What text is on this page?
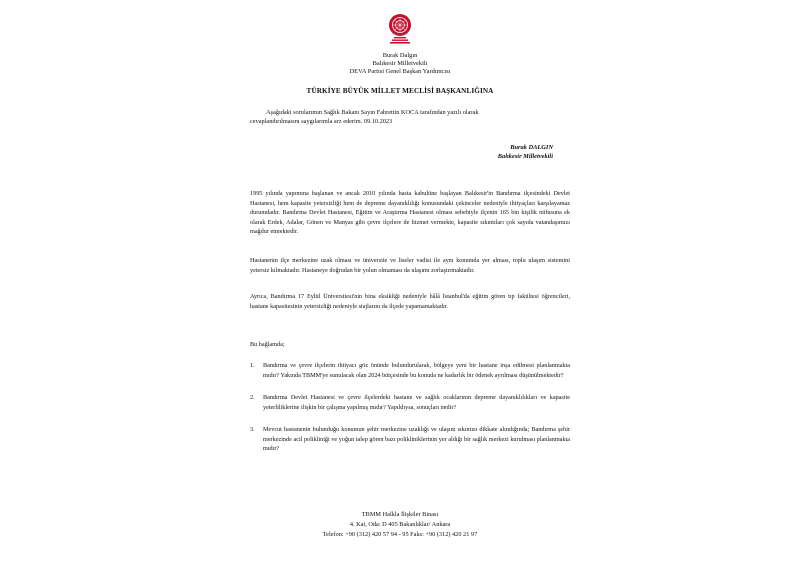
Burak Dalgın
Balıkesir Milletvekili
DEVA Partisi Genel Başkan Yardımcısı
TÜRKİYE BÜYÜK MİLLET MECLİSİ BAŞKANLIĞINA
Aşağıdaki sorularımın Sağlık Bakanı Sayın Fahrettin KOCA tarafından yazılı olarak
cevaplandırılmasını saygılarımla arz ederim. 09.10.2023
Burak DALGIN
Balıkesir Milletvekili
1995 yılında yapımına başlanan ve ancak 2010 yılında hasta kabulüne başlayan Balıkesir'in Bandırma ilçesindeki Devlet Hastanesi, hem kapasite yetersizliği hem de depreme dayanıklılığı konusundaki çekinceler nedeniyle ihtiyaçları karşılayamaz durumdadır. Bandırma Devlet Hastanesi, Eğitim ve Araştırma Hastanesi olması sebebiyle ilçenin 165 bin kişilik nüfusuna ek olarak Erdek, Adalar, Gönen ve Manyas gibi çevre ilçelere de hizmet vermekte, kapasite sıkıntıları çok sayıda vatandaşımızı mağdur etmektedir.
Hastanenin ilçe merkezine uzak olması ve üniversite ve liseler vadisi ile aynı konumda yer alması, toplu ulaşım sistemini yetersiz kılmaktadır. Hastaneye doğrudan bir yolun olmaması da ulaşımı zorlaştırmaktadır.
Ayrıca, Bandırma 17 Eylül Üniversitesi'nin bina eksikliği nedeniyle hâlâ İstanbul'da eğitim gören tıp fakültesi öğrencileri, hastane kapasitesinin yetersizliği nedeniyle stajlarını da ilçede yapamamaktadır.
Bu bağlamda;
1.	Bandırma ve çevre ilçelerin ihtiyacı göz önünde bulundurularak, bölgeye yeni bir hastane inşa edilmesi planlanmakta mıdır? Yakında TBMM'ye sunulacak olan 2024 bütçesinde bu konuda ne kadarlık bir ödenek ayrılması düşünülmektedir?
2.	Bandırma Devlet Hastanesi ve çevre ilçelerdeki hastane ve sağlık ocaklarının depreme dayanıklılıkları ve kapasite yeterliliklerine ilişkin bir çalışma yapılmış mıdır? Yapıldıysa, sonuçları nedir?
3.	Mevcut hastanenin bulunduğu konumun şehir merkezine uzaklığı ve ulaşım sıkıntısı dikkate alındığında; Bandırma şehir merkezinde acil polikliniği ve yoğun talep gören bazı polikliniklerinin yer aldığı bir sağlık merkezi kurulması planlanmakta mıdır?
TBMM Halkla İlişkiler Binası
4. Kat, Oda: D 405 Bakanlıklar/ Ankara
Telefon: +90 (312) 420 57 94 - 95 Faks: +90 (312) 420 21 97
